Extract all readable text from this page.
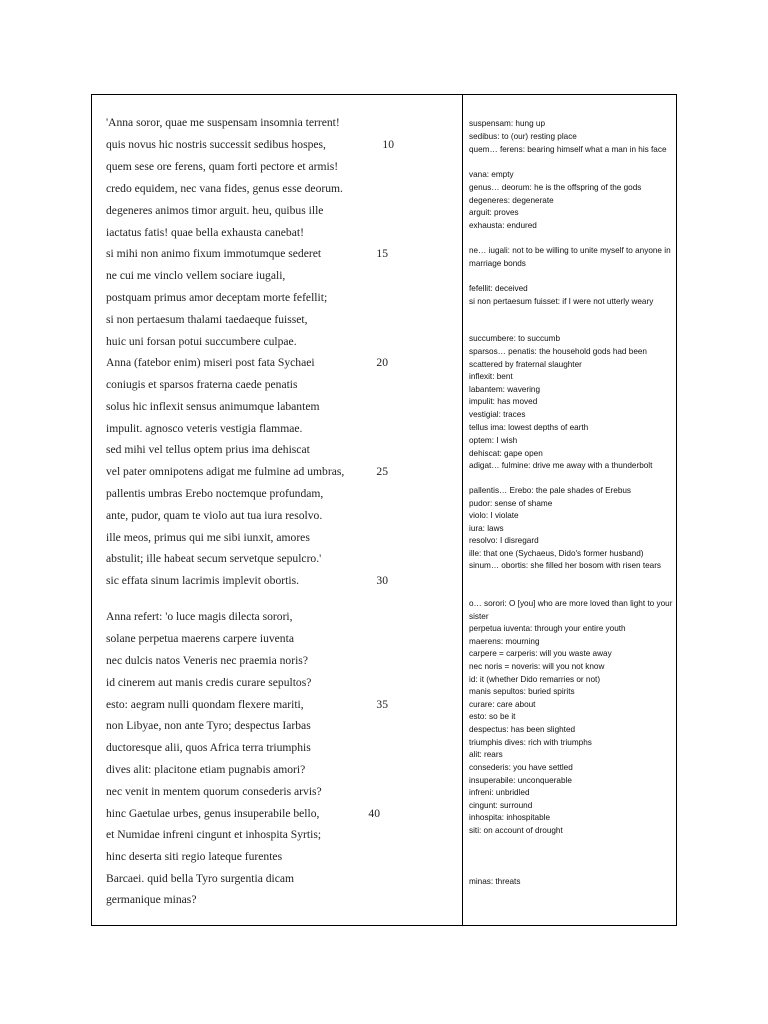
'Anna soror, quae me suspensam insomnia terrent!
quis novus hic nostris successit sedibus hospes,
quem sese ore ferens, quam forti pectore et armis!
credo equidem, nec vana fides, genus esse deorum.
degeneres animos timor arguit. heu, quibus ille
iactatus fatis! quae bella exhausta canebat!
si mihi non animo fixum immotumque sederet
ne cui me vinclo vellem sociare iugali,
postquam primus amor deceptam morte fefellit;
si non pertaesum thalami taedaeque fuisset,
huic uni forsan potui succumbere culpae.
Anna (fatebor enim) miseri post fata Sychaei
coniugis et sparsos fraterna caede penatis
solus hic inflexit sensus animumque labantem
impulit. agnosco veteris vestigia flammae.
sed mihi vel tellus optem prius ima dehiscat
vel pater omnipotens adigat me fulmine ad umbras,
pallentis umbras Erebo noctemque profundam,
ante, pudor, quam te violo aut tua iura resolvo.
ille meos, primus qui me sibi iunxit, amores
abstulit; ille habeat secum servetque sepulcro.'
sic effata sinum lacrimis implevit obortis.
Anna refert: 'o luce magis dilecta sorori,
solane perpetua maerens carpere iuventa
nec dulcis natos Veneris nec praemia noris?
id cinerem aut manis credis curare sepultos?
esto: aegram nulli quondam flexere mariti,
non Libyae, non ante Tyro; despectus Iarbas
ductoresque alii, quos Africa terra triumphis
dives alit: placitone etiam pugnabis amori?
nec venit in mentem quorum consederis arvis?
hinc Gaetulae urbes, genus insuperabile bello,
et Numidae infreni cingunt et inhospita Syrtis;
hinc deserta siti regio lateque furentes
Barcaei. quid bella Tyro surgentia dicam
germanique minas?
10
15
20
25
30
35
40
suspensam: hung up
sedibus: to (our) resting place
quem… ferens: bearing himself what a man in his face
vana: empty
genus… deorum: he is the offspring of the gods
degeneres: degenerate
arguit: proves
exhausta: endured
ne… iugali: not to be willing to unite myself to anyone in marriage bonds
fefellit: deceived
si non pertaesum fuisset: if I were not utterly weary
succumbere: to succumb
sparsos… penatis: the household gods had been scattered by fraternal slaughter
inflexit: bent
labantem: wavering
impulit: has moved
vestigial: traces
tellus ima: lowest depths of earth
optem: I wish
dehiscat: gape open
adigat… fulmine: drive me away with a thunderbolt
pallentis… Erebo: the pale shades of Erebus
pudor: sense of shame
violo: I violate
iura: laws
resolvo: I disregard
ille: that one (Sychaeus, Dido's former husband)
sinum… obortis: she filled her bosom with risen tears
o… sorori: O [you] who are more loved than light to your sister
perpetua iuventa: through your entire youth
maerens: mourning
carpere = carperis: will you waste away
nec noris = noveris: will you not know
id: it (whether Dido remarries or not)
manis sepultos: buried spirits
curare: care about
esto: so be it
despectus: has been slighted
triumphis dives: rich with triumphs
alit: rears
consederis: you have settled
insuperabile: unconquerable
infreni: unbridled
cingunt: surround
inhospita: inhospitable
siti: on account of drought
minas: threats
